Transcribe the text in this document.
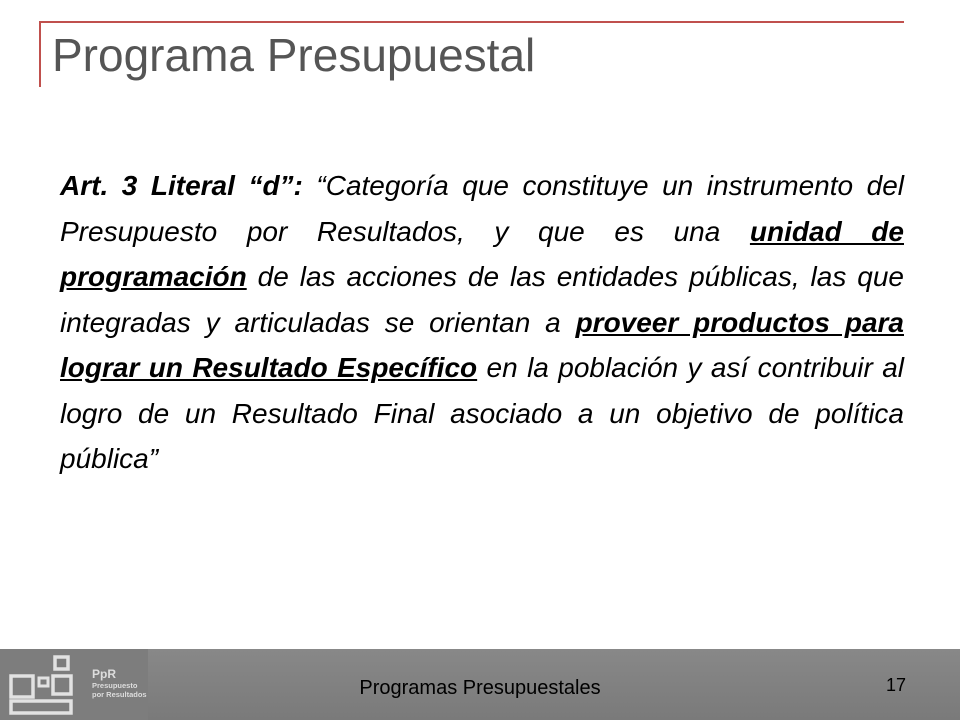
Programa Presupuestal

Art. 3 Literal “d”: “Categoría que constituye un instrumento del Presupuesto por Resultados, y que es una unidad de programación de las acciones de las entidades públicas, las que integradas y articuladas se orientan a proveer productos para lograr un Resultado Específico en la población y así contribuir al logro de un Resultado Final asociado a un objetivo de política pública”

PpR
Presupuesto
por Resultados	Programas Presupuestales	17
